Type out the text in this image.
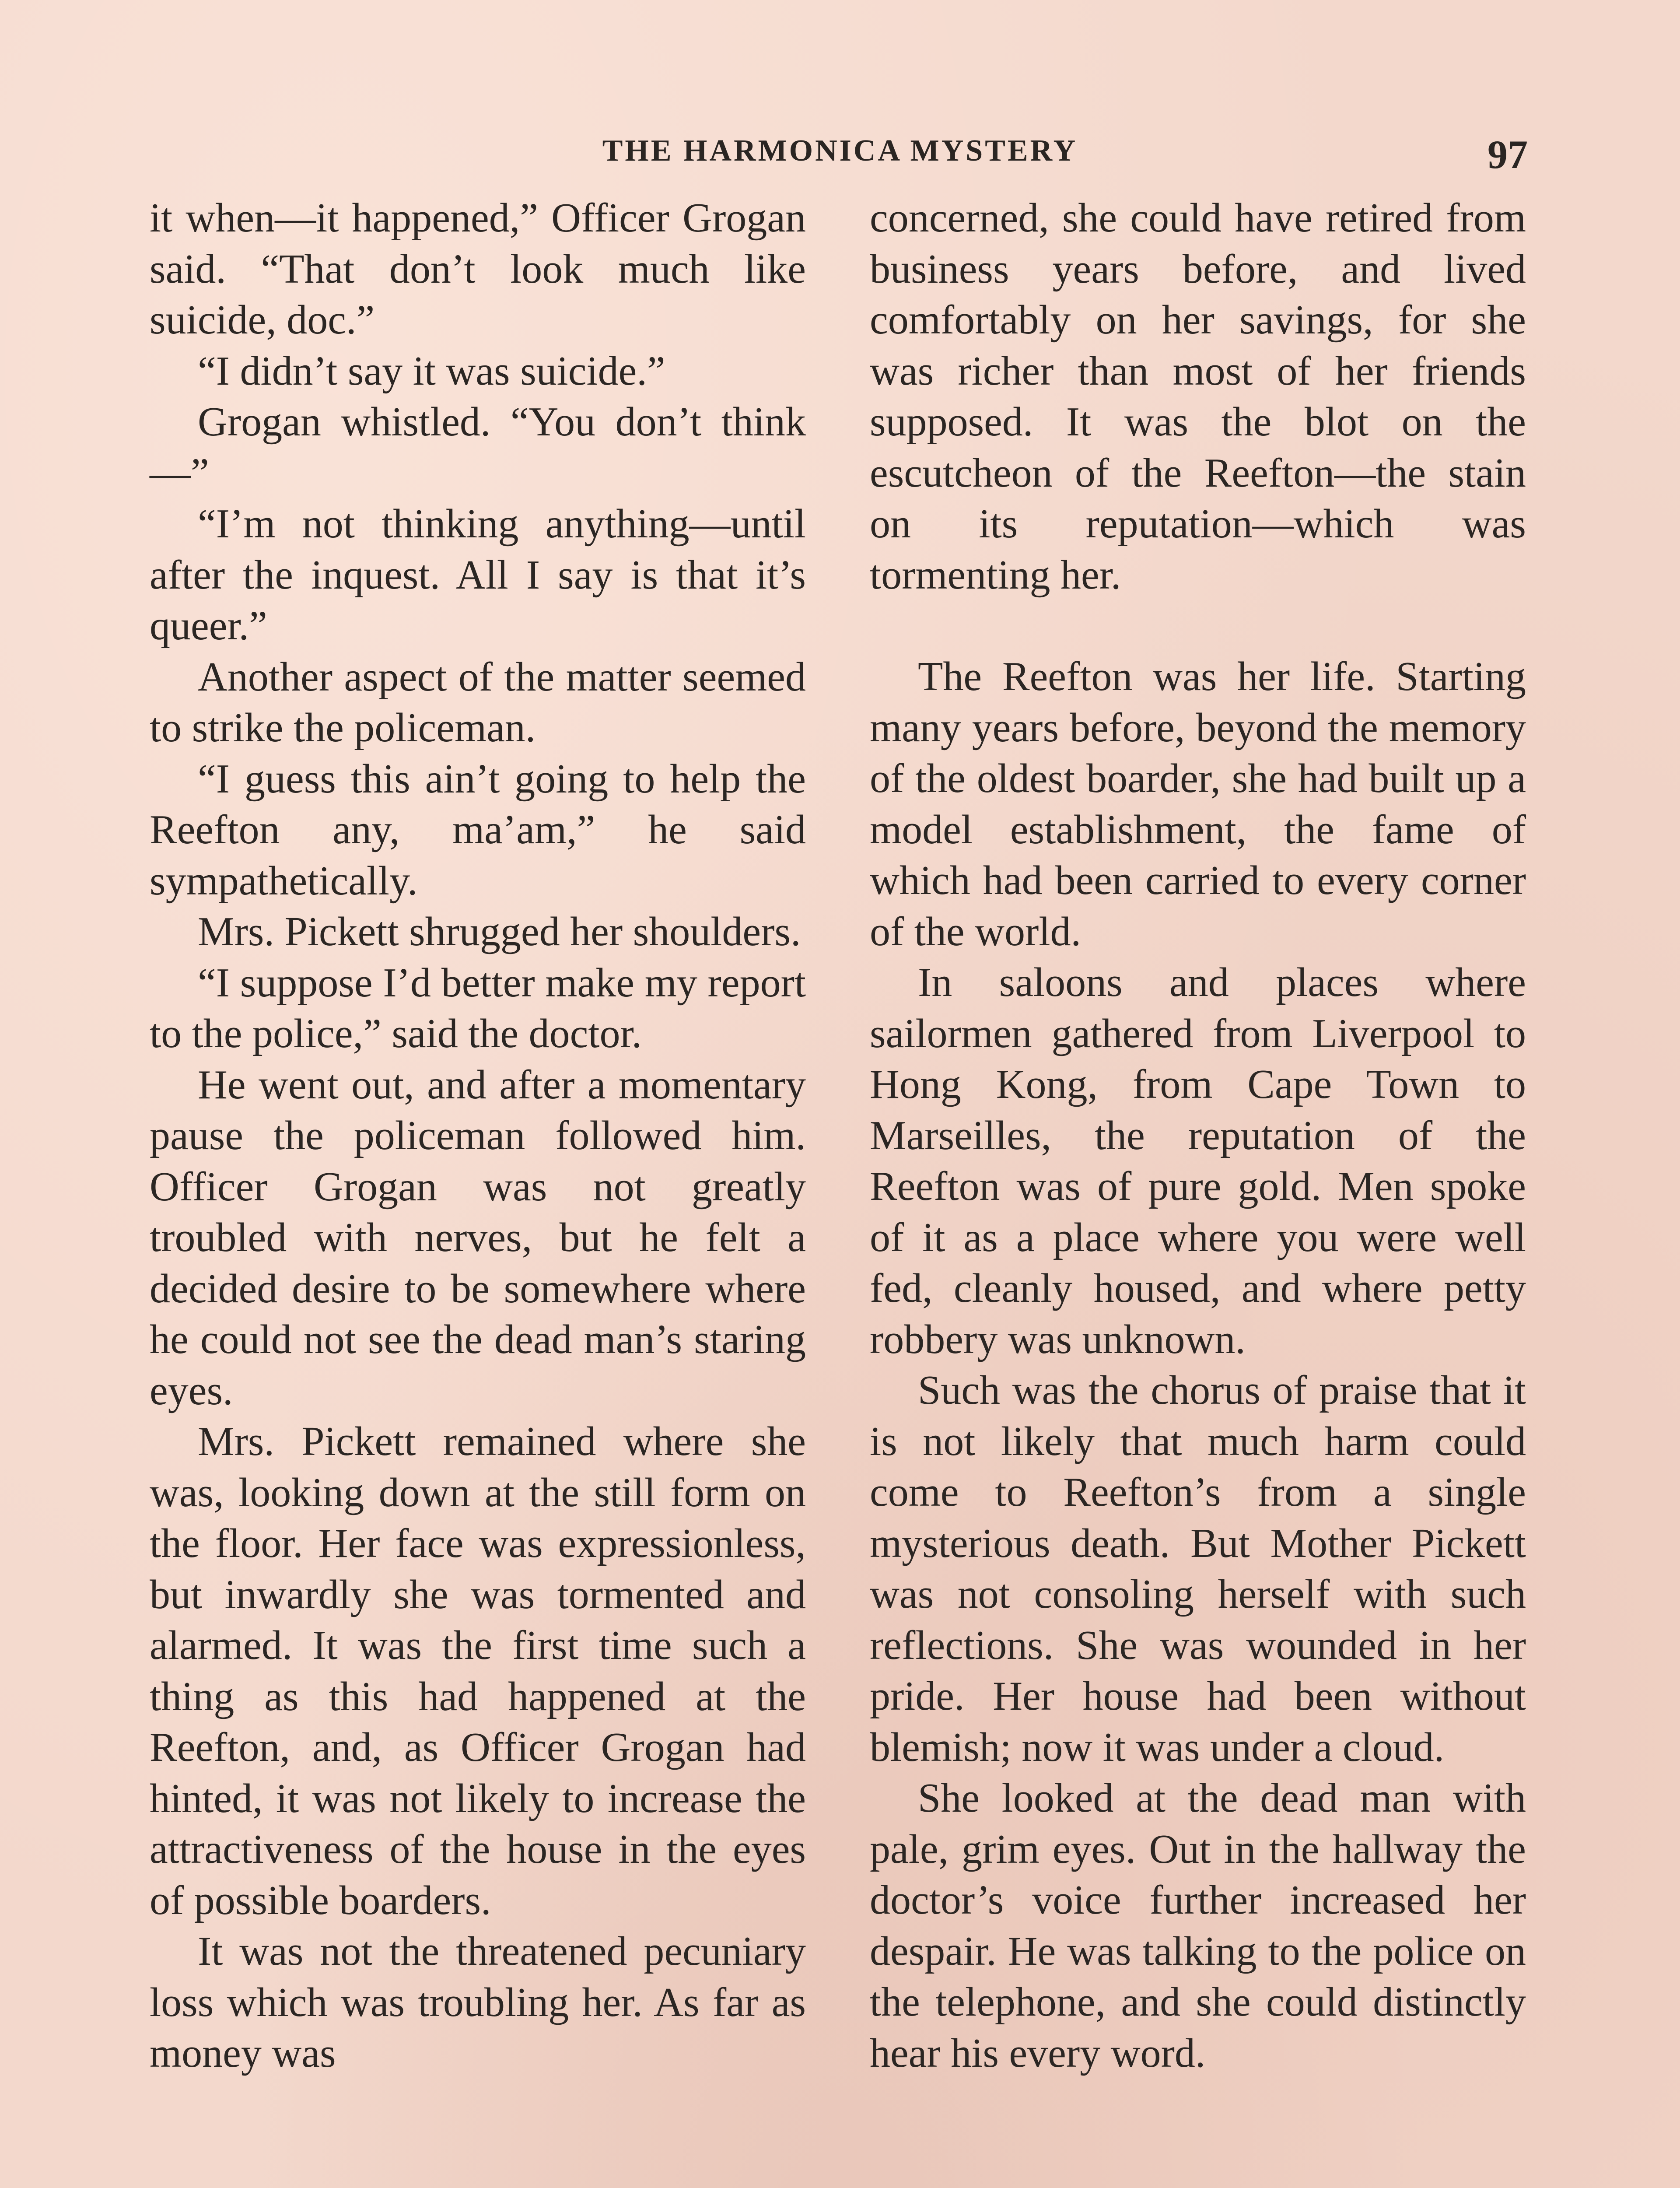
THE HARMONICA MYSTERY	97

it when—it happened,” Officer Grogan said. “That don’t look much like suicide, doc.”

“I didn’t say it was suicide.”

Grogan whistled. “You don’t think—”

“I’m not thinking anything—until after the inquest. All I say is that it’s queer.”

Another aspect of the matter seemed to strike the policeman.

“I guess this ain’t going to help the Reefton any, ma’am,” he said sympathetically.

Mrs. Pickett shrugged her shoulders.

“I suppose I’d better make my report to the police,” said the doctor.

He went out, and after a momentary pause the policeman followed him. Officer Grogan was not greatly troubled with nerves, but he felt a decided desire to be somewhere where he could not see the dead man’s staring eyes.

Mrs. Pickett remained where she was, looking down at the still form on the floor. Her face was expressionless, but inwardly she was tormented and alarmed. It was the first time such a thing as this had happened at the Reefton, and, as Officer Grogan had hinted, it was not likely to increase the attractiveness of the house in the eyes of possible boarders.

It was not the threatened pecuniary loss which was troubling her. As far as money was

concerned, she could have retired from business years before, and lived comfortably on her savings, for she was richer than most of her friends supposed. It was the blot on the escutcheon of the Reefton—the stain on its reputation—which was tormenting her.

The Reefton was her life. Starting many years before, beyond the memory of the oldest boarder, she had built up a model establishment, the fame of which had been carried to every corner of the world.

In saloons and places where sailormen gathered from Liverpool to Hong Kong, from Cape Town to Marseilles, the reputation of the Reefton was of pure gold. Men spoke of it as a place where you were well fed, cleanly housed, and where petty robbery was unknown.

Such was the chorus of praise that it is not likely that much harm could come to Reefton’s from a single mysterious death. But Mother Pickett was not consoling herself with such reflections. She was wounded in her pride. Her house had been without blemish; now it was under a cloud.

She looked at the dead man with pale, grim eyes. Out in the hallway the doctor’s voice further increased her despair. He was talking to the police on the telephone, and she could distinctly hear his every word.
